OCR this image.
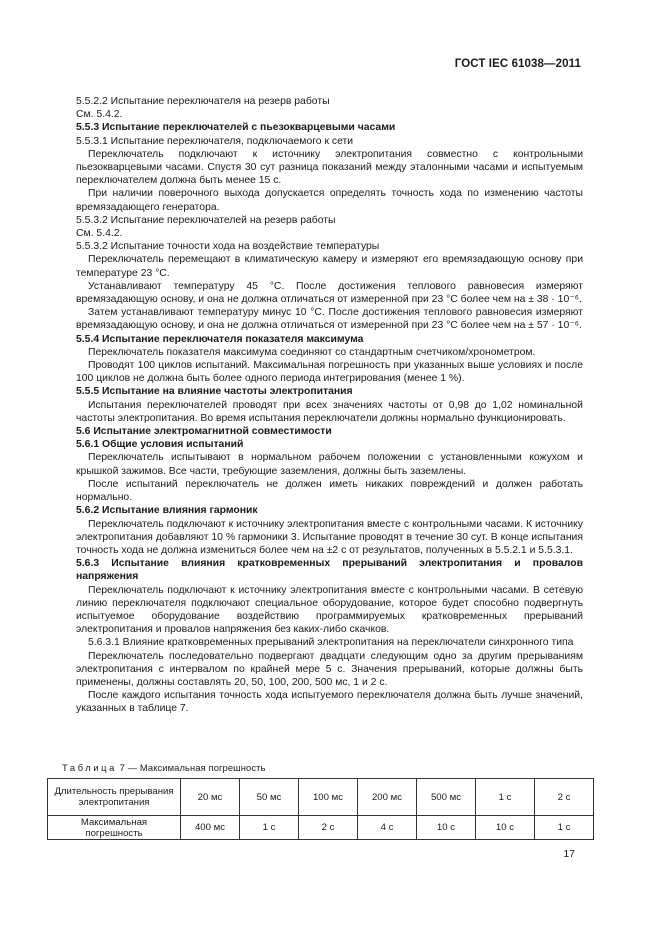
ГОСТ IEC 61038—2011

5.5.2.2 Испытание переключателя на резерв работы

См. 5.4.2.

5.5.3 Испытание переключателей с пьезокварцевыми часами

5.5.3.1 Испытание переключателя, подключаемого к сети

Переключатель подключают к источнику электропитания совместно с контрольными пьезокварцевыми часами. Спустя 30 сут разница показаний между эталонными часами и испытуемым переключателем должна быть менее 15 с.

При наличии поверочного выхода допускается определять точность хода по изменению частоты времязадающего генератора.

5.5.3.2 Испытание переключателей на резерв работы

См. 5.4.2.

5.5.3.2 Испытание точности хода на воздействие температуры

Переключатель перемещают в климатическую камеру и измеряют его времязадающую основу при температуре 23 °С.

Устанавливают температуру 45 °С. После достижения теплового равновесия измеряют времязадающую основу, и она не должна отличаться от измеренной при 23 °С более чем на ± 38 · 10⁻⁶.

Затем устанавливают температуру минус 10 °С. После достижения теплового равновесия измеряют времязадающую основу, и она не должна отличаться от измеренной при 23 °С более чем на ± 57 · 10⁻⁶.

5.5.4 Испытание переключателя показателя максимума

Переключатель показателя максимума соединяют со стандартным счетчиком/хронометром.

Проводят 100 циклов испытаний. Максимальная погрешность при указанных выше условиях и после 100 циклов не должна быть более одного периода интегрирования (менее 1 %).

5.5.5 Испытание на влияние частоты электропитания

Испытания переключателей проводят при всех значениях частоты от 0,98 до 1,02 номинальной частоты электропитания. Во время испытания переключатели должны нормально функционировать.

5.6 Испытание электромагнитной совместимости

5.6.1 Общие условия испытаний

Переключатель испытывают в нормальном рабочем положении с установленными кожухом и крышкой зажимов. Все части, требующие заземления, должны быть заземлены.

После испытаний переключатель не должен иметь никаких повреждений и должен работать нормально.

5.6.2 Испытание влияния гармоник

Переключатель подключают к источнику электропитания вместе с контрольными часами. К источнику электропитания добавляют 10 % гармоники 3. Испытание проводят в течение 30 сут. В конце испытания точность хода не должна измениться более чем на ±2 с от результатов, полученных в 5.5.2.1 и 5.5.3.1.

5.6.3 Испытание влияния кратковременных прерываний электропитания и провалов напряжения

Переключатель подключают к источнику электропитания вместе с контрольными часами. В сетевую линию переключателя подключают специальное оборудование, которое будет способно подвергнуть испытуемое оборудование воздействию программируемых кратковременных прерываний электропитания и провалов напряжения без каких-либо скачков.

5.6.3.1 Влияние кратковременных прерываний электропитания на переключатели синхронного типа

Переключатель последовательно подвергают двадцати следующим одно за другим прерываниям электропитания с интервалом по крайней мере 5 с. Значения прерываний, которые должны быть применены, должны составлять 20, 50, 100, 200, 500 мс, 1 и 2 с.

После каждого испытания точность хода испытуемого переключателя должна быть лучше значений, указанных в таблице 7.

Таблица 7 — Максимальная погрешность
Длительность прерывания электропитания	20 мс	50 мс	100 мс	200 мс	500 мс	1 с	2 с
Максимальная погрешность	400 мс	1 с	2 с	4 с	10 с	10 с	1 с
17
